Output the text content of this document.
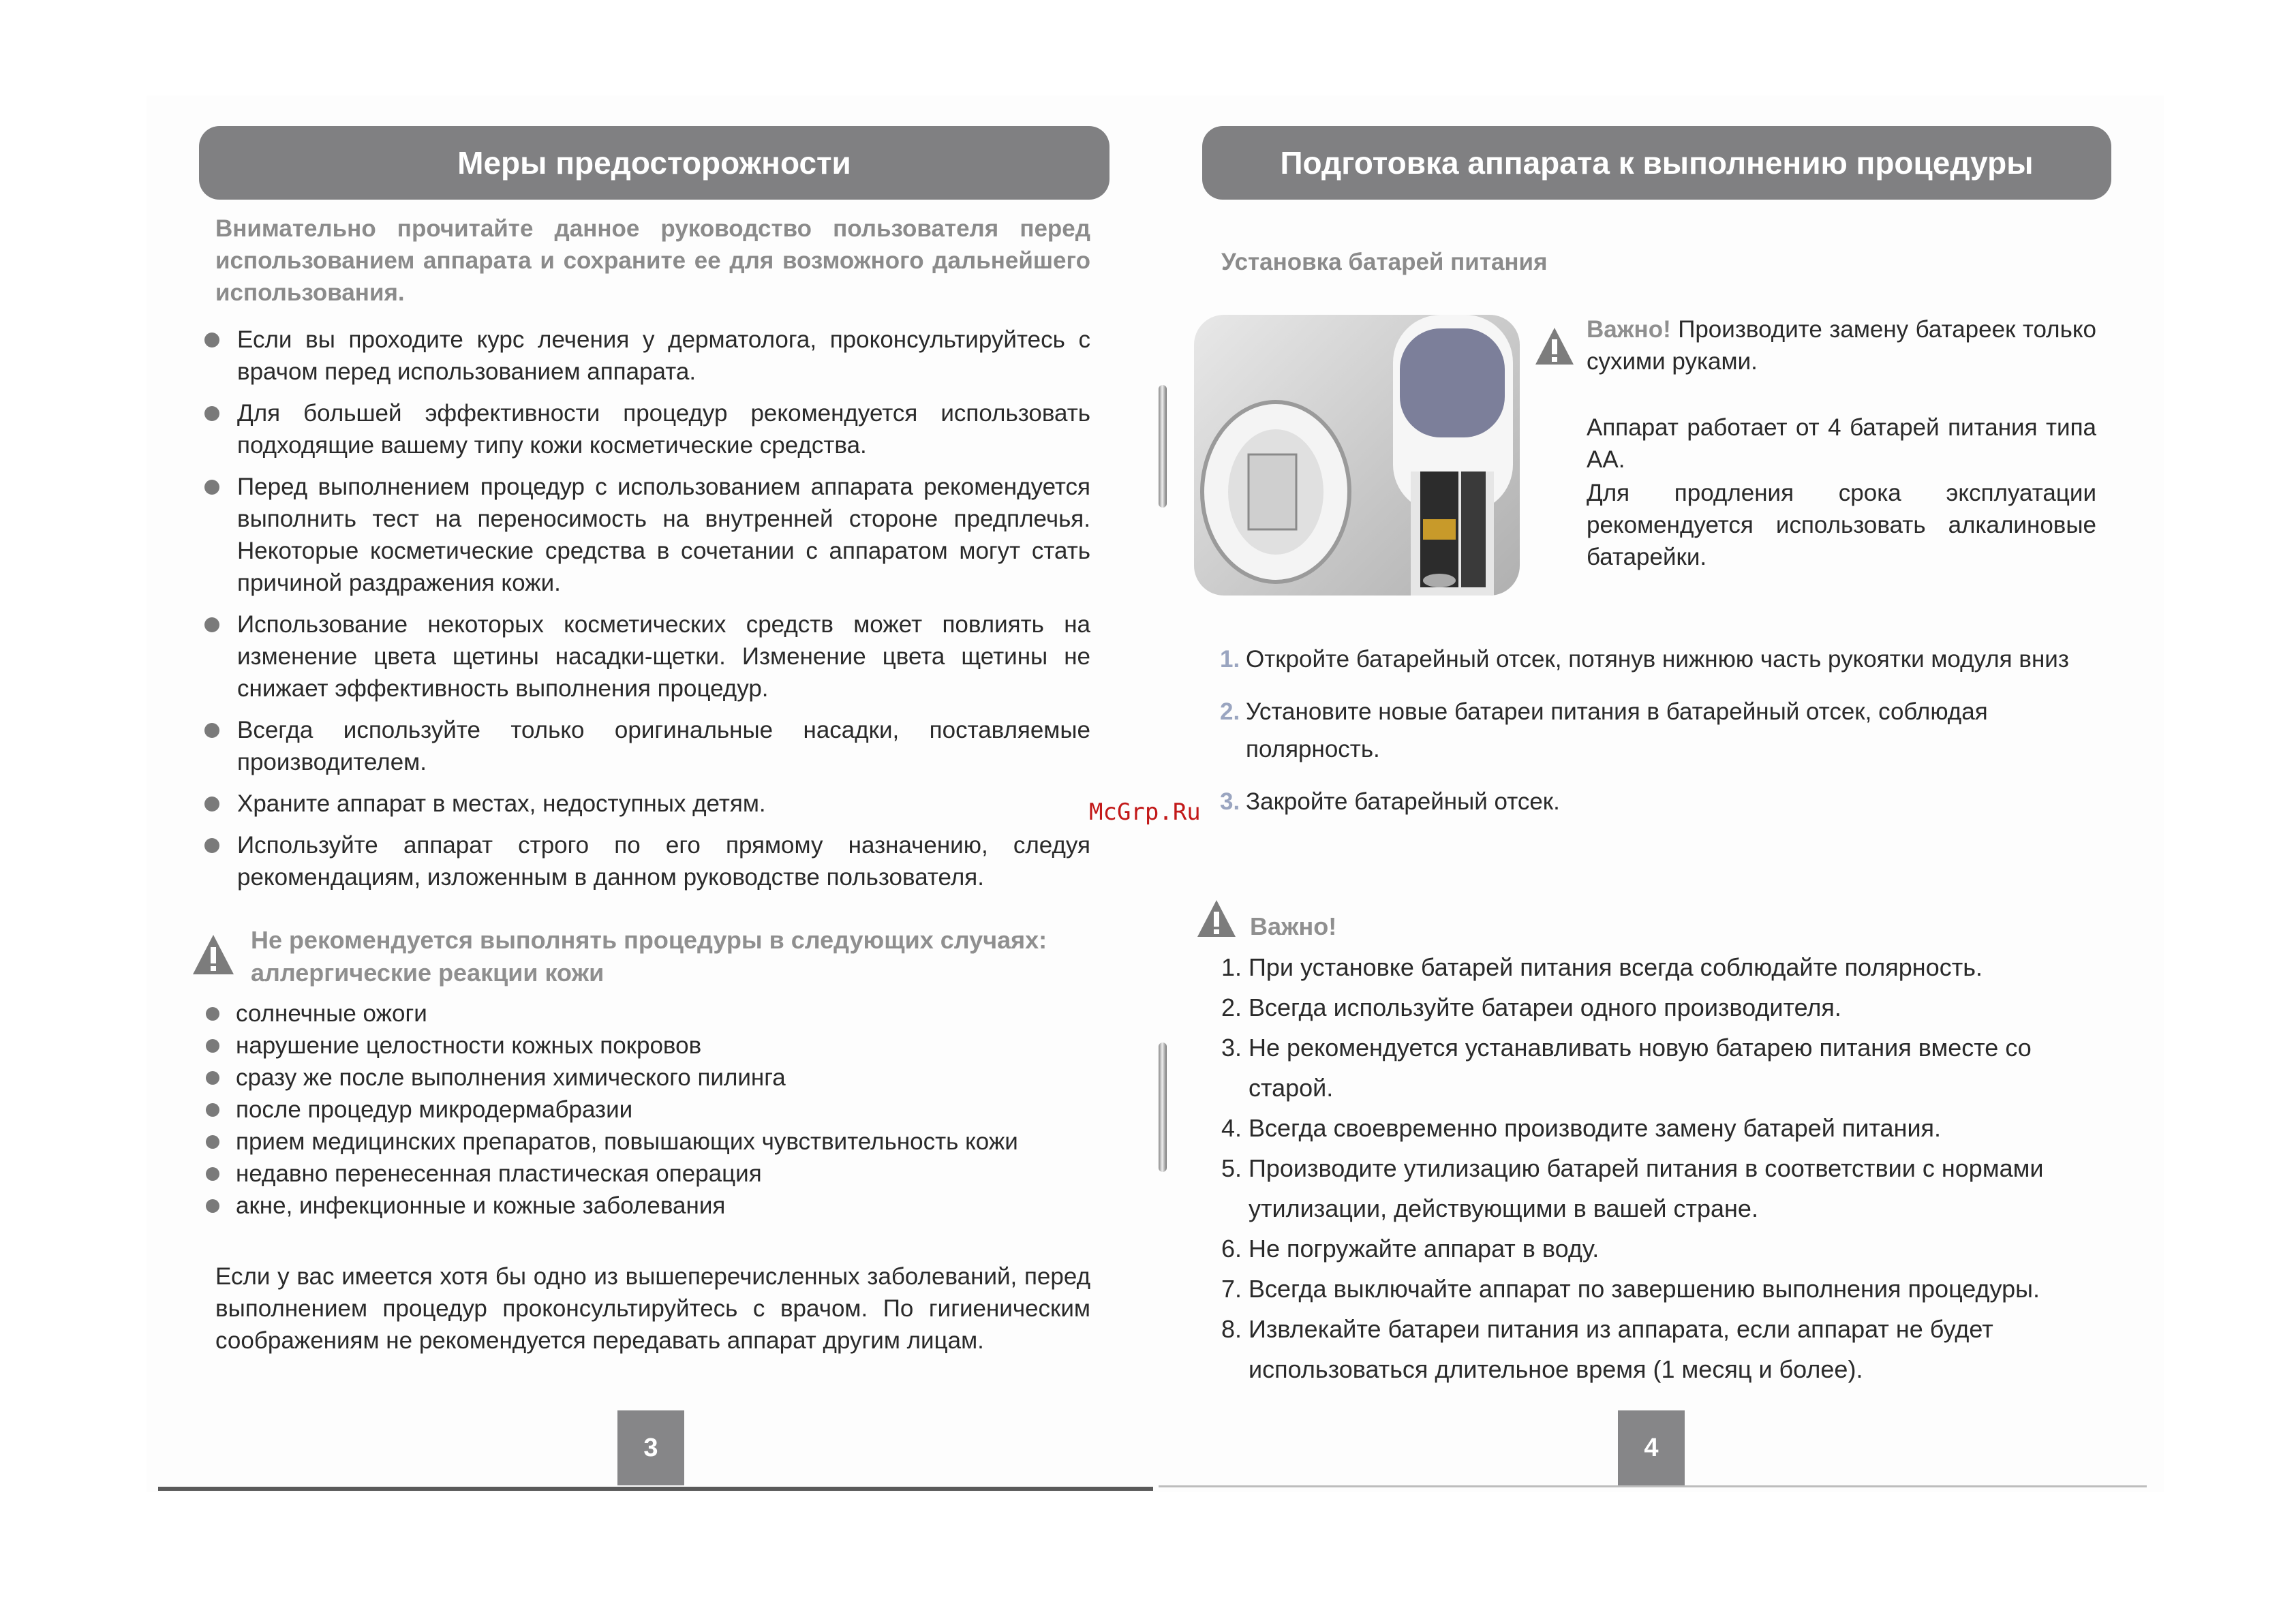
Меры предосторожности
Внимательно прочитайте данное руководство пользователя перед использованием аппарата и сохраните ее для возможного дальнейшего использования.
Если вы проходите курс лечения у дерматолога, проконсультируйтесь с врачом перед использованием аппарата.
Для большей эффективности процедур рекомендуется использовать подходящие вашему типу кожи косметические средства.
Перед выполнением процедур с использованием аппарата рекомендуется выполнить тест на переносимость на внутренней стороне предплечья. Некоторые косметические средства в сочетании с аппаратом могут стать причиной раздражения кожи.
Использование некоторых косметических средств может повлиять на изменение цвета щетины насадки-щетки. Изменение цвета щетины не снижает эффективность выполнения процедур.
Всегда используйте только оригинальные насадки, поставляемые производителем.
Храните аппарат в местах, недоступных детям.
Используйте аппарат строго по его прямому назначению, следуя рекомендациям, изложенным в данном руководстве пользователя.
Не рекомендуется выполнять процедуры в следующих случаях:
аллергические реакции кожи
солнечные ожоги
нарушение целостности кожных покровов
сразу же после выполнения химического пилинга
после процедур микродермабразии
прием медицинских препаратов, повышающих чувствительность кожи
недавно перенесенная пластическая операция
акне, инфекционные и кожные заболевания
Если у вас имеется хотя бы одно из вышеперечисленных заболеваний, перед выполнением процедур проконсультируйтесь с врачом. По гигиеническим соображениям не рекомендуется передавать аппарат другим лицам.
3
McGrp.Ru
Подготовка аппарата к выполнению процедуры
Установка батарей питания
Важно! Производите замену батареек только сухими руками.
Аппарат работает от 4 батарей питания типа АА.
Для продления срока эксплуатации рекомендуется использовать алкалиновые батарейки.
1. Откройте батарейный отсек, потянув нижнюю часть рукоятки модуля вниз
2. Установите новые батареи питания в батарейный отсек, соблюдая полярность.
3. Закройте батарейный отсек.
Важно!
1. При установке батарей питания всегда соблюдайте полярность.
2. Всегда используйте батареи одного производителя.
3. Не рекомендуется устанавливать новую батарею питания вместе со старой.
4. Всегда своевременно производите замену батарей питания.
5. Производите утилизацию батарей питания в соответствии с нормами утилизации, действующими в вашей стране.
6. Не погружайте аппарат в воду.
7. Всегда выключайте аппарат по завершению выполнения процедуры.
8. Извлекайте батареи питания из аппарата, если аппарат не будет использоваться длительное время (1 месяц и более).
4
